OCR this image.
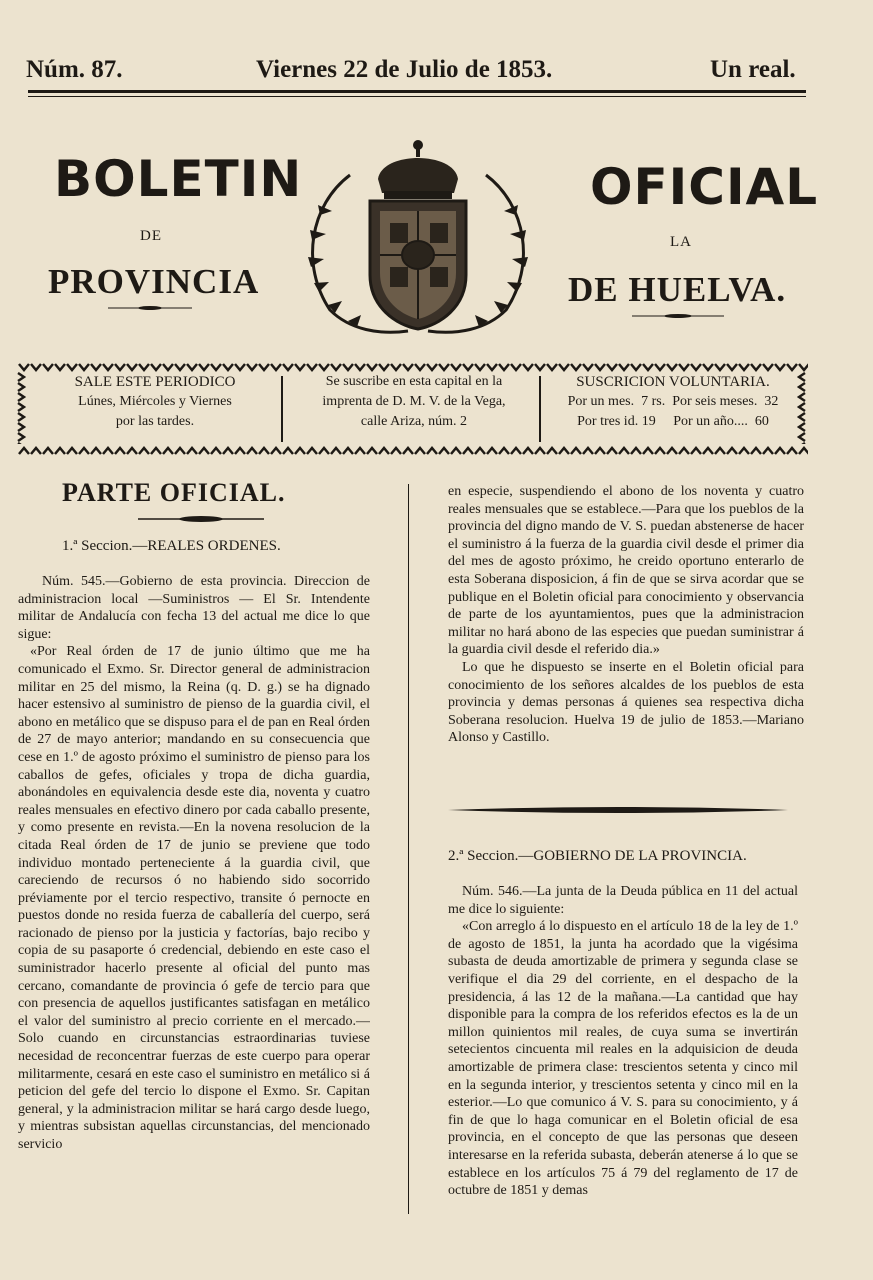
Núm. 87.	Viernes 22 de Julio de 1853.	Un real.
BOLETIN
DE
PROVINCIA
OFICIAL
LA
DE HUELVA.
SALE ESTE PERIODICO
Lúnes, Miércoles y Viernes
por las tardes.
Se suscribe en esta capital en la
imprenta de D. M. V. de la Vega,
calle Ariza, núm. 2
SUSCRICION VOLUNTARIA.
Por un mes.  7 rs.  Por seis meses.  32
Por tres id. 19     Por un año....  60
PARTE OFICIAL.
1.ª Seccion.—REALES ORDENES.

Núm. 545.—Gobierno de esta provincia. Direccion de administracion local —Suministros — El Sr. Intendente militar de Andalucía con fecha 13 del actual me dice lo que sigue:

«Por Real órden de 17 de junio último que me ha comunicado el Exmo. Sr. Director general de administracion militar en 25 del mismo, la Reina (q. D. g.) se ha dignado hacer estensivo al suministro de pienso de la guardia civil, el abono en metálico que se dispuso para el de pan en Real órden de 27 de mayo anterior; mandando en su consecuencia que cese en 1.º de agosto próximo el suministro de pienso para los caballos de gefes, oficiales y tropa de dicha guardia, abonándoles en equivalencia desde este dia, noventa y cuatro reales mensuales en efectivo dinero por cada caballo presente, y como presente en revista.—En la novena resolucion de la citada Real órden de 17 de junio se previene que todo individuo montado perteneciente á la guardia civil, que careciendo de recursos ó no habiendo sido socorrido préviamente por el tercio respectivo, transite ó pernocte en puestos donde no resida fuerza de caballería del cuerpo, será racionado de pienso por la justicia y factorías, bajo recibo y copia de su pasaporte ó credencial, debiendo en este caso el suministrador hacerlo presente al oficial del punto mas cercano, comandante de provincia ó gefe de tercio para que con presencia de aquellos justificantes satisfagan en metálico el valor del suministro al precio corriente en el mercado.—Solo cuando en circunstancias estraordinarias tuviese necesidad de reconcentrar fuerzas de este cuerpo para operar militarmente, cesará en este caso el suministro en metálico si á peticion del gefe del tercio lo dispone el Exmo. Sr. Capitan general, y la administracion militar se hará cargo desde luego, y mientras subsistan aquellas circunstancias, del mencionado servicio

en especie, suspendiendo el abono de los noventa y cuatro reales mensuales que se establece.—Para que los pueblos de la provincia del digno mando de V. S. puedan abstenerse de hacer el suministro á la fuerza de la guardia civil desde el primer dia del mes de agosto próximo, he creido oportuno enterarlo de esta Soberana disposicion, á fin de que se sirva acordar que se publique en el Boletin oficial para conocimiento y observancia de parte de los ayuntamientos, pues que la administracion militar no hará abono de las especies que puedan suministrar á la guardia civil desde el referido dia.»

Lo que he dispuesto se inserte en el Boletin oficial para conocimiento de los señores alcaldes de los pueblos de esta provincia y demas personas á quienes sea respectiva dicha Soberana resolucion. Huelva 19 de julio de 1853.—Mariano Alonso y Castillo.

2.ª Seccion.—GOBIERNO DE LA PROVINCIA.

Núm. 546.—La junta de la Deuda pública en 11 del actual me dice lo siguiente:

«Con arreglo á lo dispuesto en el artículo 18 de la ley de 1.º de agosto de 1851, la junta ha acordado que la vigésima subasta de deuda amortizable de primera y segunda clase se verifique el dia 29 del corriente, en el despacho de la presidencia, á las 12 de la mañana.—La cantidad que hay disponible para la compra de los referidos efectos es la de un millon quinientos mil reales, de cuya suma se invertirán setecientos cincuenta mil reales en la adquisicion de deuda amortizable de primera clase: trescientos setenta y cinco mil en la segunda interior, y trescientos setenta y cinco mil en la esterior.—Lo que comunico á V. S. para su conocimiento, y á fin de que lo haga comunicar en el Boletin oficial de esa provincia, en el concepto de que las personas que deseen interesarse en la referida subasta, deberán atenerse á lo que se establece en los artículos 75 á 79 del reglamento de 17 de octubre de 1851 y demas
